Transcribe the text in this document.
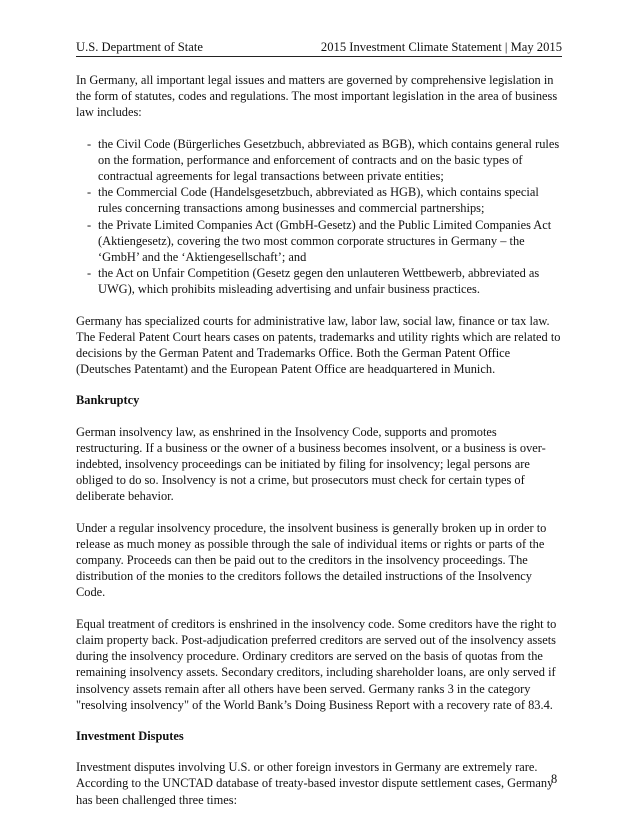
U.S. Department of State	2015 Investment Climate Statement | May 2015

In Germany, all important legal issues and matters are governed by comprehensive legislation in the form of statutes, codes and regulations. The most important legislation in the area of business law includes:

- the Civil Code (Bürgerliches Gesetzbuch, abbreviated as BGB), which contains general rules on the formation, performance and enforcement of contracts and on the basic types of contractual agreements for legal transactions between private entities;
- the Commercial Code (Handelsgesetzbuch, abbreviated as HGB), which contains special rules concerning transactions among businesses and commercial partnerships;
- the Private Limited Companies Act (GmbH-Gesetz) and the Public Limited Companies Act (Aktiengesetz), covering the two most common corporate structures in Germany – the ‘GmbH’ and the ‘Aktiengesellschaft’; and
- the Act on Unfair Competition (Gesetz gegen den unlauteren Wettbewerb, abbreviated as UWG), which prohibits misleading advertising and unfair business practices.

Germany has specialized courts for administrative law, labor law, social law, finance or tax law. The Federal Patent Court hears cases on patents, trademarks and utility rights which are related to decisions by the German Patent and Trademarks Office. Both the German Patent Office (Deutsches Patentamt) and the European Patent Office are headquartered in Munich.

Bankruptcy

German insolvency law, as enshrined in the Insolvency Code, supports and promotes restructuring. If a business or the owner of a business becomes insolvent, or a business is over-indebted, insolvency proceedings can be initiated by filing for insolvency; legal persons are obliged to do so. Insolvency is not a crime, but prosecutors must check for certain types of deliberate behavior.

Under a regular insolvency procedure, the insolvent business is generally broken up in order to release as much money as possible through the sale of individual items or rights or parts of the company. Proceeds can then be paid out to the creditors in the insolvency proceedings. The distribution of the monies to the creditors follows the detailed instructions of the Insolvency Code.

Equal treatment of creditors is enshrined in the insolvency code. Some creditors have the right to claim property back. Post-adjudication preferred creditors are served out of the insolvency assets during the insolvency procedure. Ordinary creditors are served on the basis of quotas from the remaining insolvency assets. Secondary creditors, including shareholder loans, are only served if insolvency assets remain after all others have been served. Germany ranks 3 in the category "resolving insolvency" of the World Bank’s Doing Business Report with a recovery rate of 83.4.

Investment Disputes

Investment disputes involving U.S. or other foreign investors in Germany are extremely rare. According to the UNCTAD database of treaty-based investor dispute settlement cases, Germany has been challenged three times:

8
